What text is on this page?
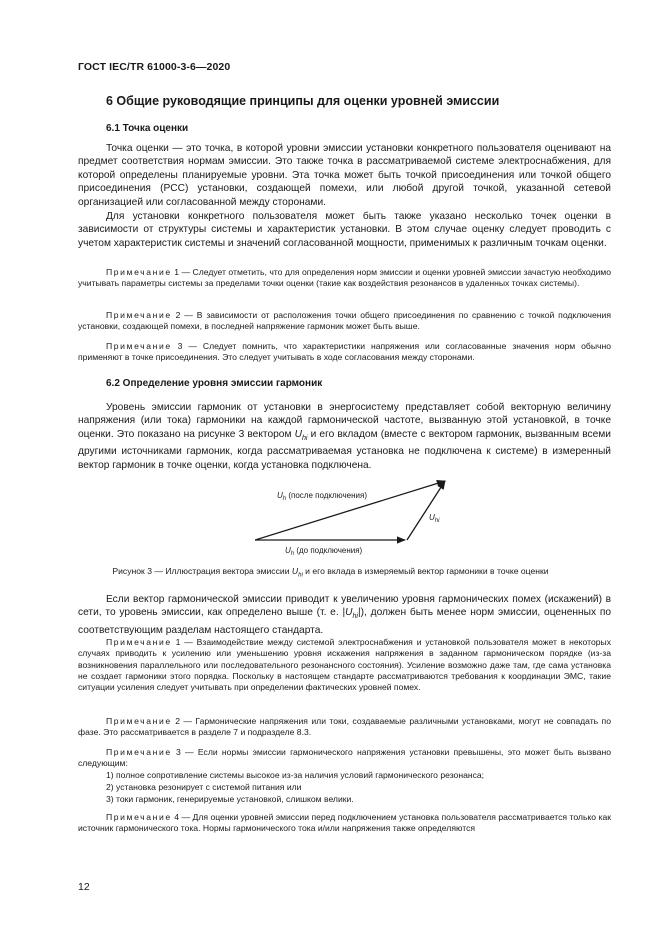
ГОСТ IEC/TR 61000-3-6—2020
6 Общие руководящие принципы для оценки уровней эмиссии
6.1 Точка оценки
Точка оценки — это точка, в которой уровни эмиссии установки конкретного пользователя оценивают на предмет соответствия нормам эмиссии. Это также точка в рассматриваемой системе электроснабжения, для которой определены планируемые уровни. Эта точка может быть точкой присоединения или точкой общего присоединения (PCC) установки, создающей помехи, или любой другой точкой, указанной сетевой организацией или согласованной между сторонами.
Для установки конкретного пользователя может быть также указано несколько точек оценки в зависимости от структуры системы и характеристик установки. В этом случае оценку следует проводить с учетом характеристик системы и значений согласованной мощности, применимых к различным точкам оценки.
Примечание 1 — Следует отметить, что для определения норм эмиссии и оценки уровней эмиссии зачастую необходимо учитывать параметры системы за пределами точки оценки (такие как воздействия резонансов в удаленных точках системы).
Примечание 2 — В зависимости от расположения точки общего присоединения по сравнению с точкой подключения установки, создающей помехи, в последней напряжение гармоник может быть выше.
Примечание 3 — Следует помнить, что характеристики напряжения или согласованные значения норм обычно применяют в точке присоединения. Это следует учитывать в ходе согласования между сторонами.
6.2 Определение уровня эмиссии гармоник
Уровень эмиссии гармоник от установки в энергосистему представляет собой векторную величину напряжения (или тока) гармоники на каждой гармонической частоте, вызванную этой установкой, в точке оценки. Это показано на рисунке 3 вектором $U_{hi}$ и его вкладом (вместе с вектором гармоник, вызванным всеми другими источниками гармоник, когда рассматриваемая установка не подключена к системе) в измеренный вектор гармоник в точке оценки, когда установка подключена.
$U_h$ (после подключения)
$U_{hi}$
$U_h$ (до подключения)
Рисунок 3 — Иллюстрация вектора эмиссии $U_{hi}$ и его вклада в измеряемый вектор гармоники в точке оценки
Если вектор гармонической эмиссии приводит к увеличению уровня гармонических помех (искажений) в сети, то уровень эмиссии, как определено выше (т. е. $|U_{hi}|$), должен быть менее норм эмиссии, оцененных по соответствующим разделам настоящего стандарта.
Примечание 1 — Взаимодействие между системой электроснабжения и установкой пользователя может в некоторых случаях приводить к усилению или уменьшению уровня искажения напряжения в заданном гармоническом порядке (из-за возникновения параллельного или последовательного резонансного состояния). Усиление возможно даже там, где сама установка не создает гармоники этого порядка. Поскольку в настоящем стандарте рассматриваются требования к координации ЭМС, такие ситуации усиления следует учитывать при определении фактических уровней помех.
Примечание 2 — Гармонические напряжения или токи, создаваемые различными установками, могут не совпадать по фазе. Это рассматривается в разделе 7 и подразделе 8.3.
Примечание 3 — Если нормы эмиссии гармонического напряжения установки превышены, это может быть вызвано следующим:
1) полное сопротивление системы высокое из-за наличия условий гармонического резонанса;
2) установка резонирует с системой питания или
3) токи гармоник, генерируемые установкой, слишком велики.
Примечание 4 — Для оценки уровней эмиссии перед подключением установка пользователя рассматривается только как источник гармонического тока. Нормы гармонического тока и/или напряжения также определяются
12
